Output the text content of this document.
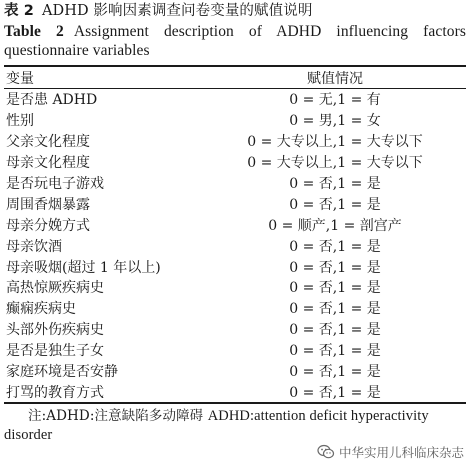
表 2 ADHD 影响因素调查问卷变量的赋值说明
Table 2 Assignment description of ADHD influencing factors questionnaire variables
变量	赋值情况
是否患 ADHD	0 = 无,1 = 有
性别	0 = 男,1 = 女
父亲文化程度	0 = 大专以上,1 = 大专以下
母亲文化程度	0 = 大专以上,1 = 大专以下
是否玩电子游戏	0 = 否,1 = 是
周围香烟暴露	0 = 否,1 = 是
母亲分娩方式	0 = 顺产,1 = 剖宫产
母亲饮酒	0 = 否,1 = 是
母亲吸烟(超过 1 年以上)	0 = 否,1 = 是
高热惊厥疾病史	0 = 否,1 = 是
癫痫疾病史	0 = 否,1 = 是
头部外伤疾病史	0 = 否,1 = 是
是否是独生子女	0 = 否,1 = 是
家庭环境是否安静	0 = 否,1 = 是
打骂的教育方式	0 = 否,1 = 是
注:ADHD:注意缺陷多动障碍 ADHD:attention deficit hyperactivity disorder
中华实用儿科临床杂志
